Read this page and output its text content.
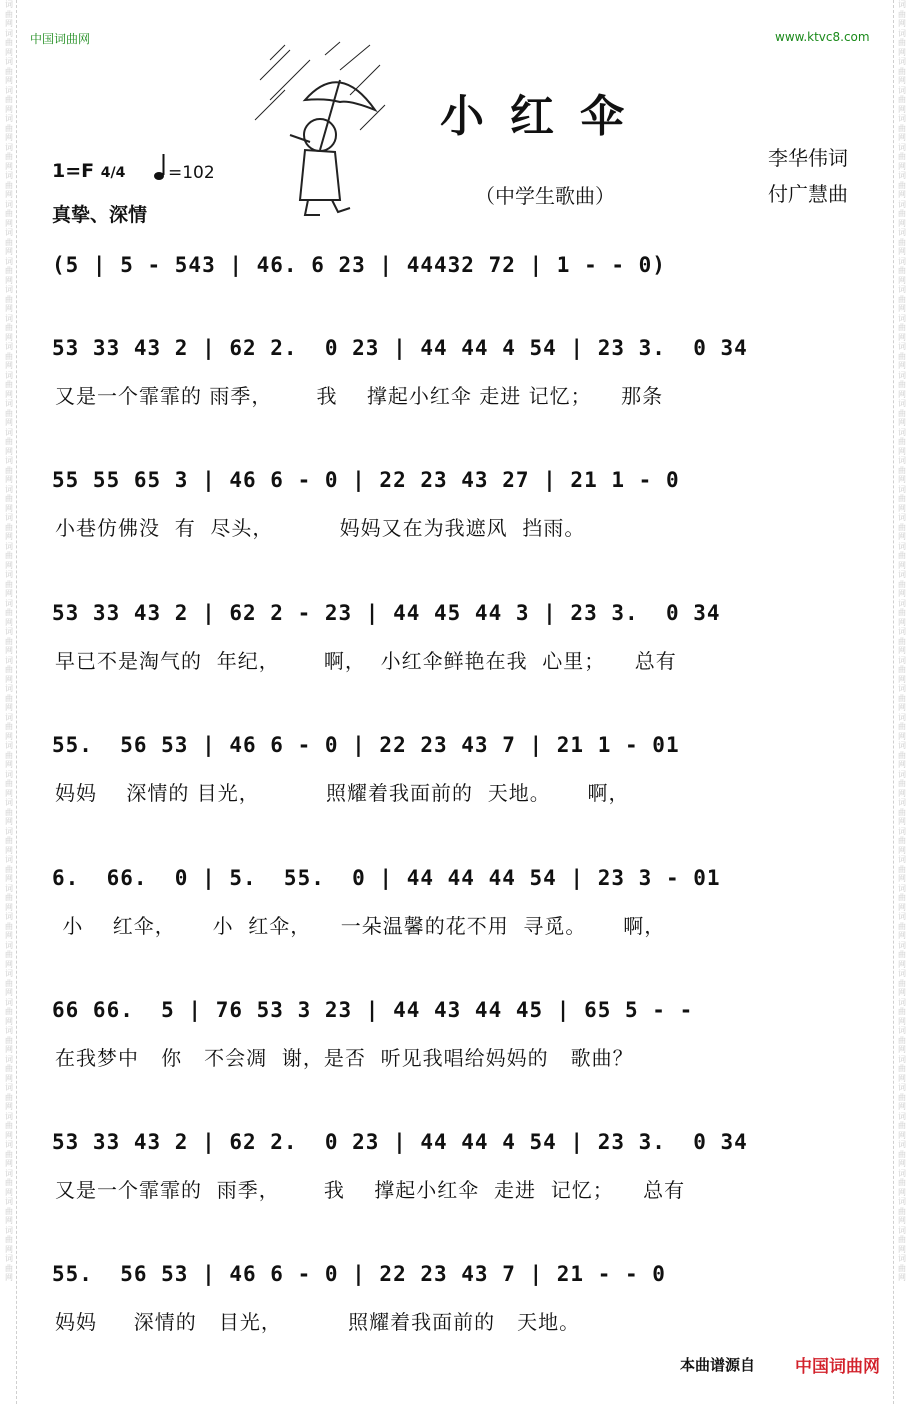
词曲网词曲网词曲网词曲网词曲网词曲网词曲网词曲网词曲网词曲网词曲网词曲网词曲网词曲网词曲网词曲网词曲网词曲网词曲网词曲网词曲网词曲网词曲网词曲网词曲网词曲网词曲网词曲网词曲网词曲网词曲网词曲网词曲网词曲网词曲网词曲网词曲网词曲网词曲网词曲网词曲网词曲网词曲网词曲网词曲网
词曲网词曲网词曲网词曲网词曲网词曲网词曲网词曲网词曲网词曲网词曲网词曲网词曲网词曲网词曲网词曲网词曲网词曲网词曲网词曲网词曲网词曲网词曲网词曲网词曲网词曲网词曲网词曲网词曲网词曲网词曲网词曲网词曲网词曲网词曲网词曲网词曲网词曲网词曲网词曲网词曲网词曲网词曲网词曲网词曲网
中国词曲网	www.ktvc8.com
小红伞
（中学生歌曲）
李华伟词
付广慧曲
1=F 4/4	=102
真挚、深情
(5 | 5 - 543 | 46. 6 23 | 44432 72 | 1 - - 0)
53 33 43 2 | 62 2.  0 23 | 44 44 4 54 | 23 3.  0 34
又是一个霏霏的 雨季，      我    撑起小红伞 走进 记忆；    那条
55 55 65 3 | 46 6 - 0 | 22 23 43 27 | 21 1 - 0
小巷仿佛没  有  尽头，         妈妈又在为我遮风  挡雨。
53 33 43 2 | 62 2 - 23 | 44 45 44 3 | 23 3.  0 34
早已不是淘气的  年纪，      啊，  小红伞鲜艳在我  心里；    总有
55.  56 53 | 46 6 - 0 | 22 23 43 7 | 21 1 - 01
妈妈    深情的 目光，         照耀着我面前的  天地。     啊，
6.  66.  0 | 5.  55.  0 | 44 44 44 54 | 23 3 - 01
小    红伞，     小  红伞，    一朵温馨的花不用  寻觅。     啊，
66 66.  5 | 76 53 3 23 | 44 43 44 45 | 65 5 - -
在我梦中   你   不会凋  谢，是否  听见我唱给妈妈的   歌曲？
53 33 43 2 | 62 2.  0 23 | 44 44 4 54 | 23 3.  0 34
又是一个霏霏的  雨季，      我    撑起小红伞  走进  记忆；    总有
55.  56 53 | 46 6 - 0 | 22 23 43 7 | 21 - - 0
妈妈     深情的   目光，         照耀着我面前的   天地。
本曲谱源自 中国词曲网
